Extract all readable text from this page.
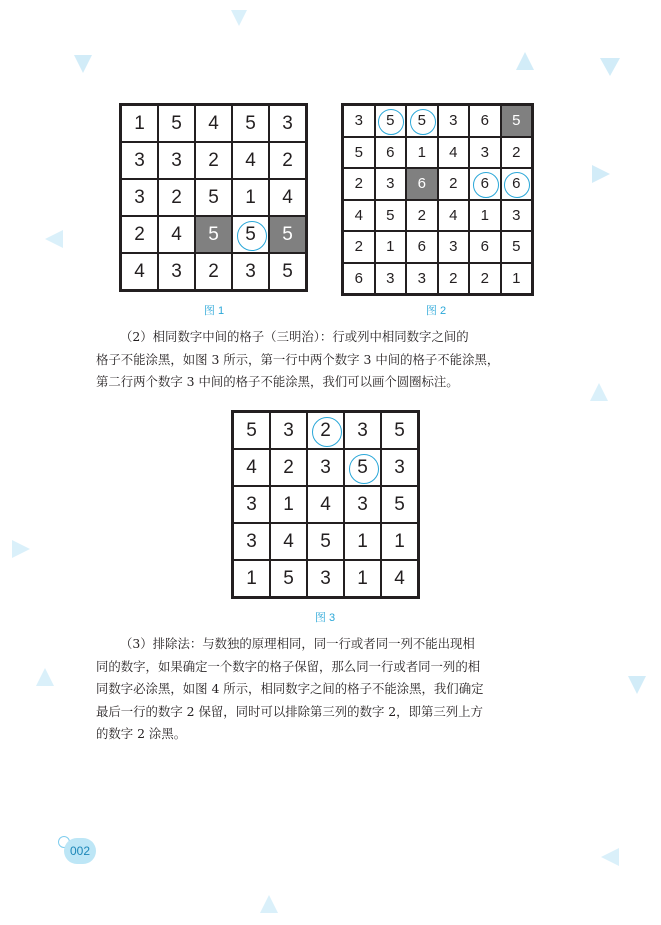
1 5 4 5 3
3 3 2 4 2
3 2 5 1 4
2 4 5 5 5
4 3 2 3 5
图 1
3 5 5 3 6 5
5 6 1 4 3 2
2 3 6 2 6 6
4 5 2 4 1 3
2 1 6 3 6 5
6 3 3 2 2 1
图 2

（2）相同数字中间的格子（三明治）：行或列中相同数字之间的
格子不能涂黑，如图 3 所示，第一行中两个数字 3 中间的格子不能涂黑，
第二行两个数字 3 中间的格子不能涂黑，我们可以画个圆圈标注。

5 3 2 3 5
4 2 3 5 3
3 1 4 3 5
3 4 5 1 1
1 5 3 1 4
图 3

（3）排除法：与数独的原理相同，同一行或者同一列不能出现相
同的数字，如果确定一个数字的格子保留，那么同一行或者同一列的相
同数字必涂黑，如图 4 所示，相同数字之间的格子不能涂黑，我们确定
最后一行的数字 2 保留，同时可以排除第三列的数字 2，即第三列上方
的数字 2 涂黑。

002
